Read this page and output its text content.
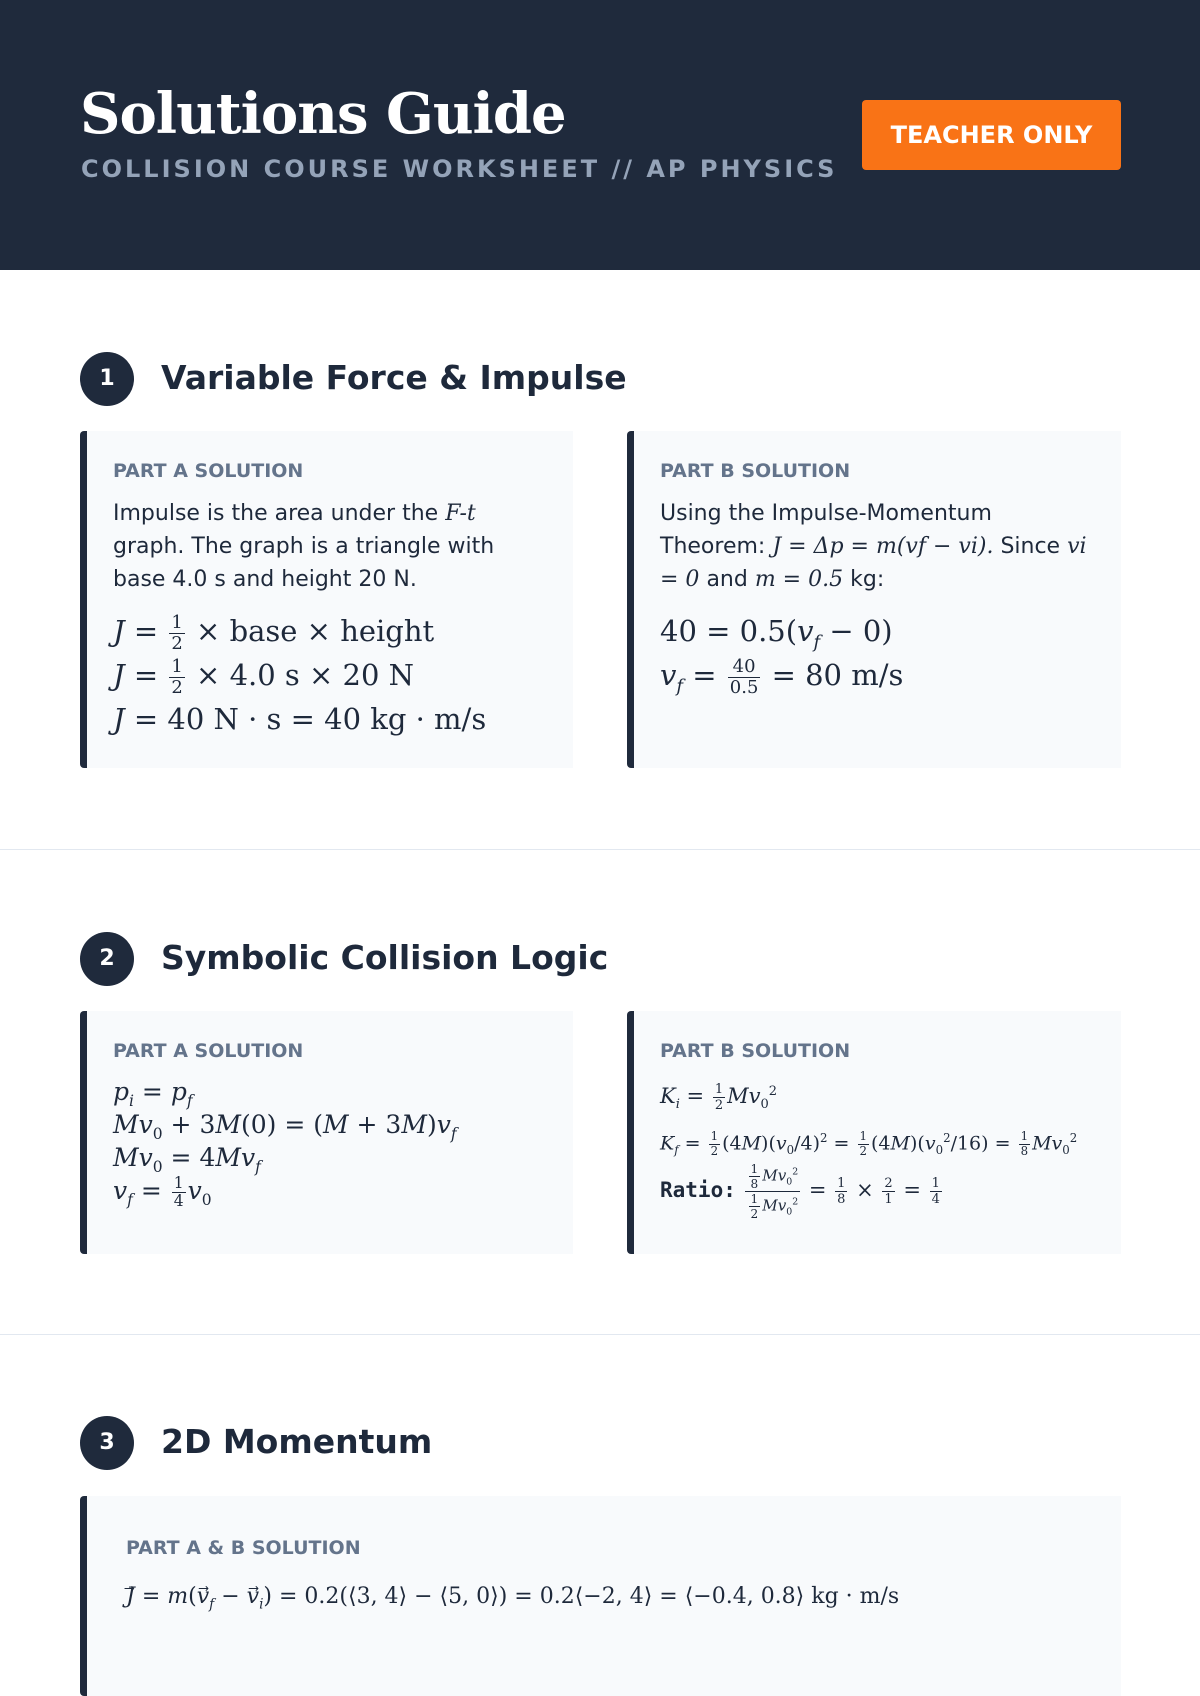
Solutions Guide
COLLISION COURSE WORKSHEET // AP PHYSICS
TEACHER ONLY
1	Variable Force & Impulse
PART A SOLUTION
Impulse is the area under the F-t graph. The graph is a triangle with base 4.0 s and height 20 N.
$J = \frac{1}{2}$ × base × height
$J = \frac{1}{2} \times 4.0$ s × 20 N
J = 40 N · s = 40 kg · m/s
PART B SOLUTION
Using the Impulse-Momentum Theorem: J = Δp = m(vf − vi). Since vi = 0 and m = 0.5 kg:
$40 = 0.5(v_f - 0)$
$v_f = \frac{40}{0.5} = 80$ m/s
2	Symbolic Collision Logic
PART A SOLUTION
$p_i = p_f$
$Mv_0 + 3M(0) = (M + 3M)v_f$
$Mv_0 = 4Mv_f$
$v_f = \frac{1}{4} v_0$
PART B SOLUTION
$K_i = \frac{1}{2} Mv_0^2$
$K_f = \frac{1}{2} (4M)(v_0/4)^2 = \frac{1}{2} (4M)(v_0^2/16) = \frac{1}{8} Mv_0^2$
Ratio: $\frac{\frac{1}{8} Mv_0^2}{\frac{1}{2} Mv_0^2} = \frac{1}{8} \times \frac{2}{1} = \frac{1}{4}$
3	2D Momentum
PART A & B SOLUTION
J⃗ = $m(v_f - v_i)$ = 0.2(⟨3, 4⟩ − ⟨5, 0⟩) = 0.2⟨−2, 4⟩ = ⟨−0.4, 0.8⟩ kg · m/s
